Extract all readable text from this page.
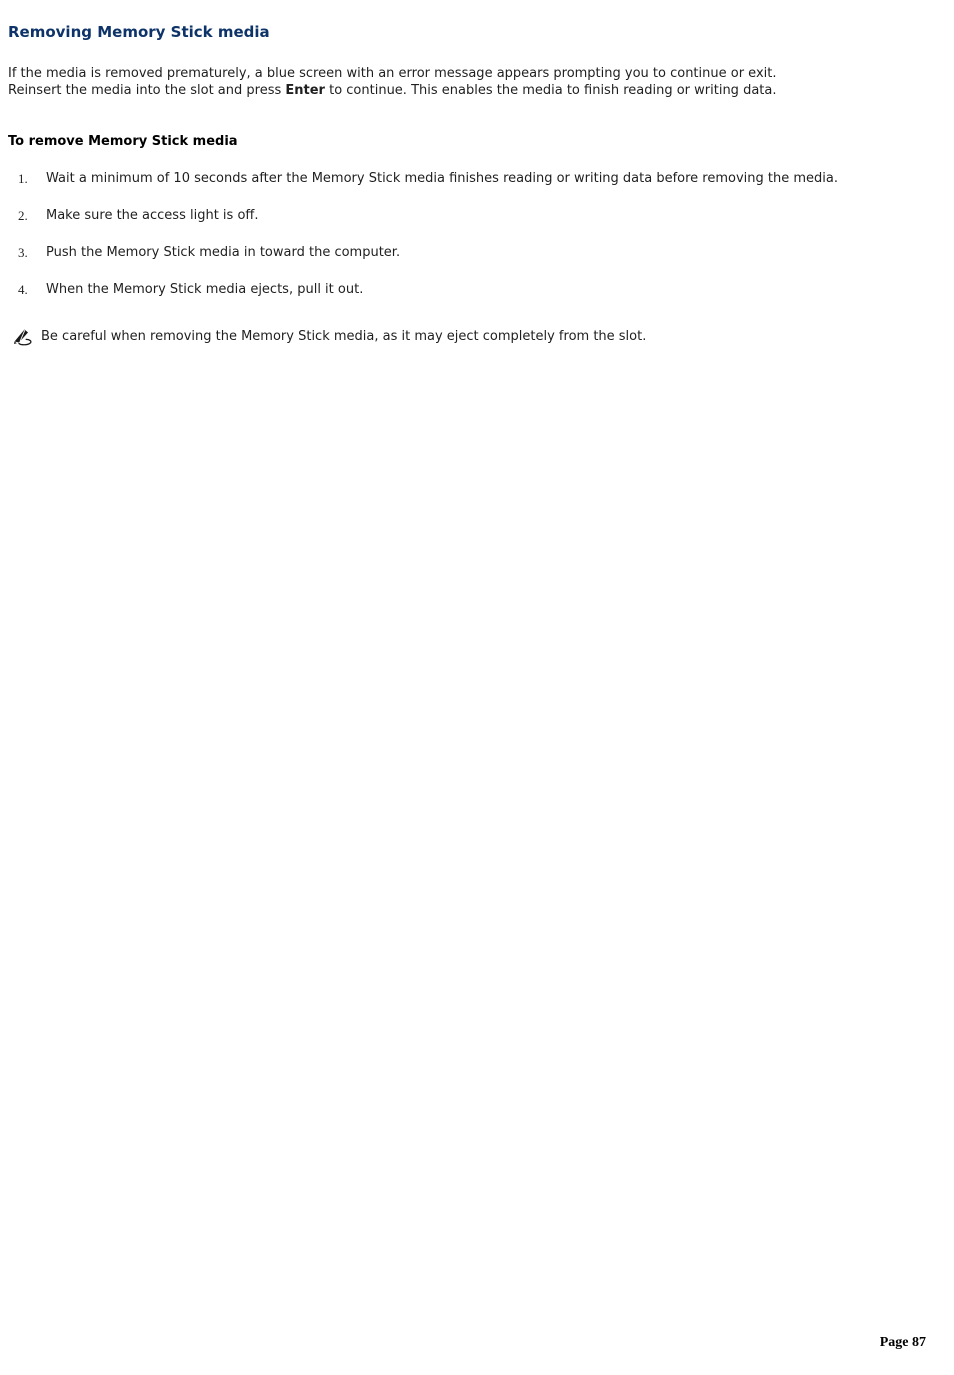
Removing Memory Stick media

If the media is removed prematurely, a blue screen with an error message appears prompting you to continue or exit.
Reinsert the media into the slot and press Enter to continue. This enables the media to finish reading or writing data.

To remove Memory Stick media
1.	Wait a minimum of 10 seconds after the Memory Stick media finishes reading or writing data before removing the media.
2.	Make sure the access light is off.
3.	Push the Memory Stick media in toward the computer.
4.	When the Memory Stick media ejects, pull it out.
Be careful when removing the Memory Stick media, as it may eject completely from the slot.
Page 87
